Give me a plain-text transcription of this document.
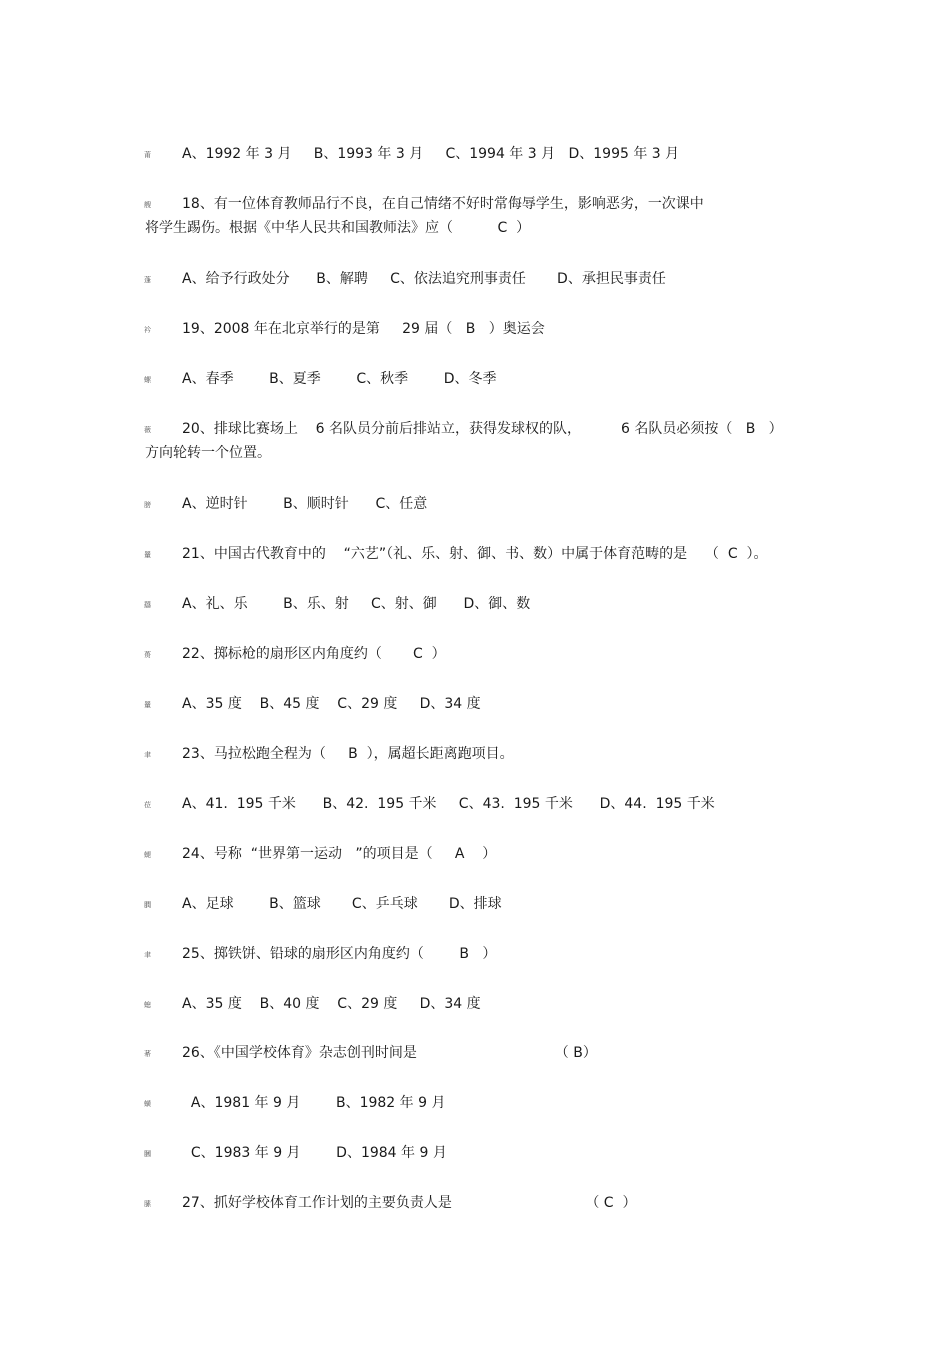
莆 A、1992 年 3 月     B、1993 年 3 月     C、1994 年 3 月   D、1995 年 3 月
艘 18、有一位体育教师品行不良，在自己情绪不好时常侮辱学生，影响恶劣，一次课中
将学生踢伤。根据《中华人民共和国教师法》应（          C  ）
蓬 A、给予行政处分      B、解聘     C、依法追究刑事责任       D、承担民事责任
衿 19、2008 年在北京举行的是第     29 届（   B   ）奥运会
螺 A、春季        B、夏季        C、秋季        D、冬季
薇 20、排球比赛场上    6 名队员分前后排站立，获得发球权的队，         6 名队员必须按（   B   ）
方向轮转一个位置。
膀 A、逆时针        B、顺时针      C、任意
罿 21、中国古代教育中的    “六艺”（礼、乐、射、御、书、数）中属于体育范畴的是    （  C  ）。
羉 A、礼、乐        B、乐、射     C、射、御      D、御、数
蒉 22、掷标枪的扇形区内角度约（       C  ）
罿 A、35 度    B、45 度    C、29 度     D、34 度
聿 23、马拉松跑全程为（     B  ），属超长距离跑项目。
莅 A、41.  195 千米      B、42.  195 千米     C、43.  195 千米      D、44.  195 千米
螁 24、号称  “世界第一运动   ”的项目是（     A    ）
膶 A、足球        B、篮球       C、乒乓球       D、排球
聿 25、掷铁饼、铅球的扇形区内角度约（        B   ）
螅 A、35 度    B、40 度    C、29 度     D、34 度
莃 26、《中国学校体育》杂志创刊时间是                               （ B）
蟥 A、1981 年 9 月        B、1982 年 9 月
膕 C、1983 年 9 月        D、1984 年 9 月
膆 27、抓好学校体育工作计划的主要负责人是                              （ C  ）
